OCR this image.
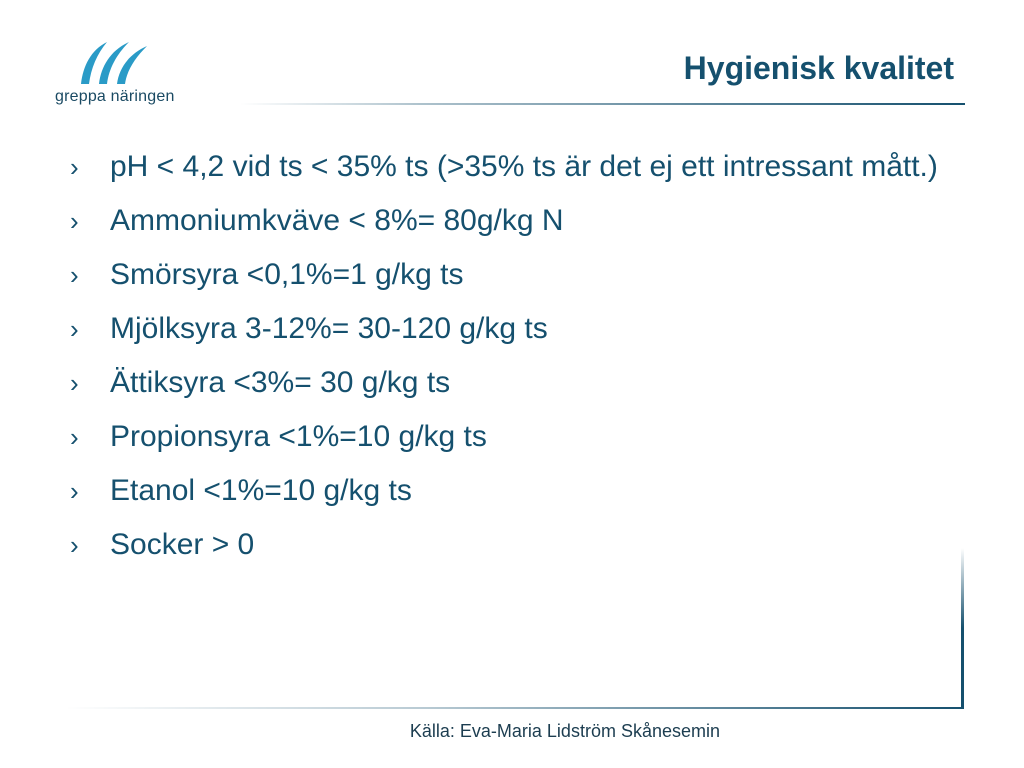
greppa näringen
Hygienisk kvalitet
› pH < 4,2 vid ts < 35% ts (>35% ts är det ej ett intressant mått.)
› Ammoniumkväve < 8%= 80g/kg N
› Smörsyra <0,1%=1 g/kg ts
› Mjölksyra 3-12%= 30-120 g/kg ts
› Ättiksyra <3%= 30 g/kg ts
› Propionsyra <1%=10 g/kg ts
› Etanol <1%=10 g/kg ts
› Socker > 0
Källa: Eva-Maria Lidström Skånesemin
